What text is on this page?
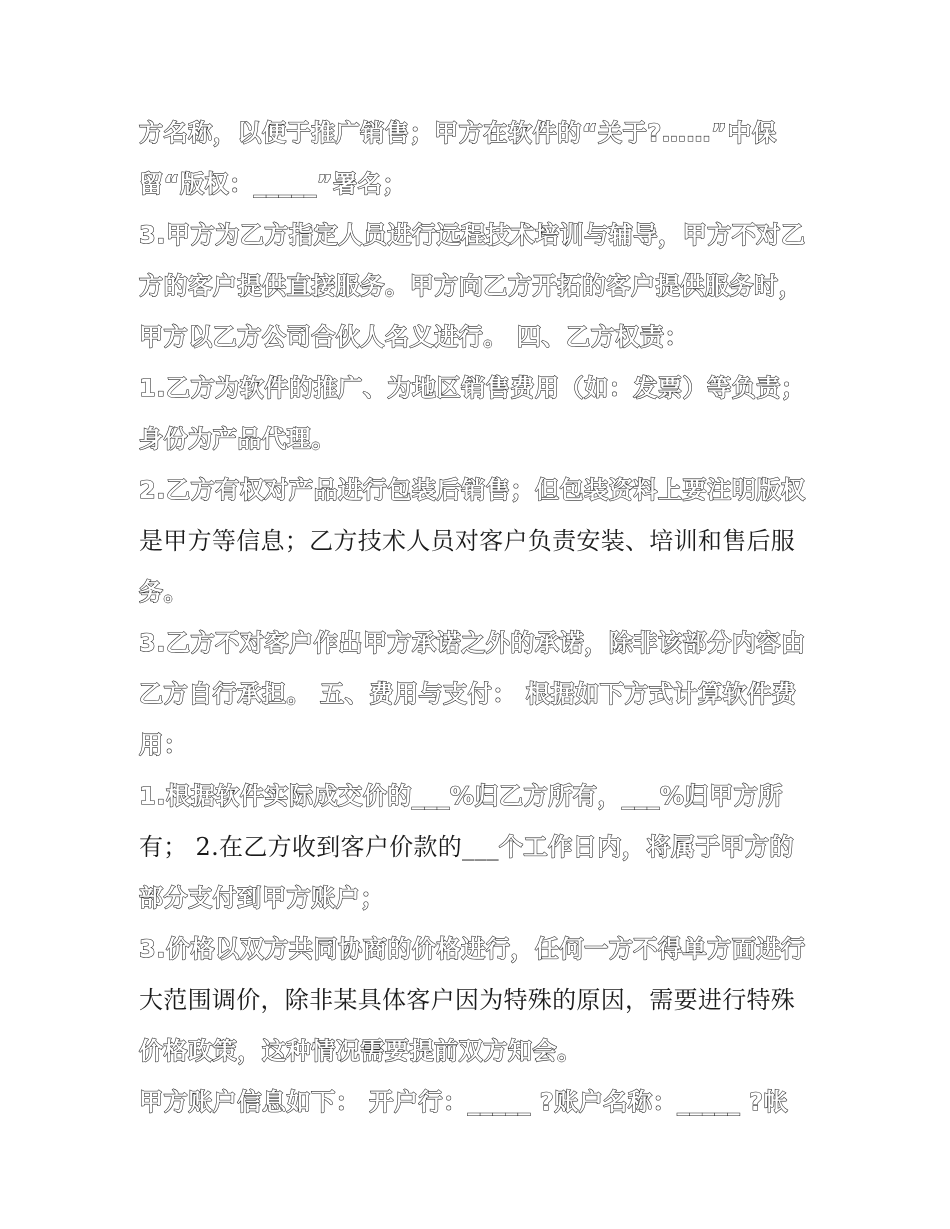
方名称，以便于推广销售；甲方在软件的“关于?……”中保
留“版权：_____”署名；
3.甲方为乙方指定人员进行远程技术培训与辅导，甲方不对乙
方的客户提供直接服务。甲方向乙方开拓的客户提供服务时，
甲方以乙方公司合伙人名义进行。 四、乙方权责：
1.乙方为软件的推广、为地区销售费用（如：发票）等负责；
身份为产品代理。
2.乙方有权对产品进行包装后销售；但包装资料上要注明版权
是甲方等信息；乙方技术人员对客户负责安装、培训和售后服
务。
3.乙方不对客户作出甲方承诺之外的承诺，除非该部分内容由
乙方自行承担。 五、费用与支付： 根据如下方式计算软件费
用：
1.根据软件实际成交价的___%归乙方所有，___%归甲方所
有； 2.在乙方收到客户价款的___个工作日内，将属于甲方的
部分支付到甲方账户；
3.价格以双方共同协商的价格进行，任何一方不得单方面进行
大范围调价，除非某具体客户因为特殊的原因，需要进行特殊
价格政策，这种情况需要提前双方知会。
甲方账户信息如下： 开户行：_____ ?账户名称：_____ ?帐
